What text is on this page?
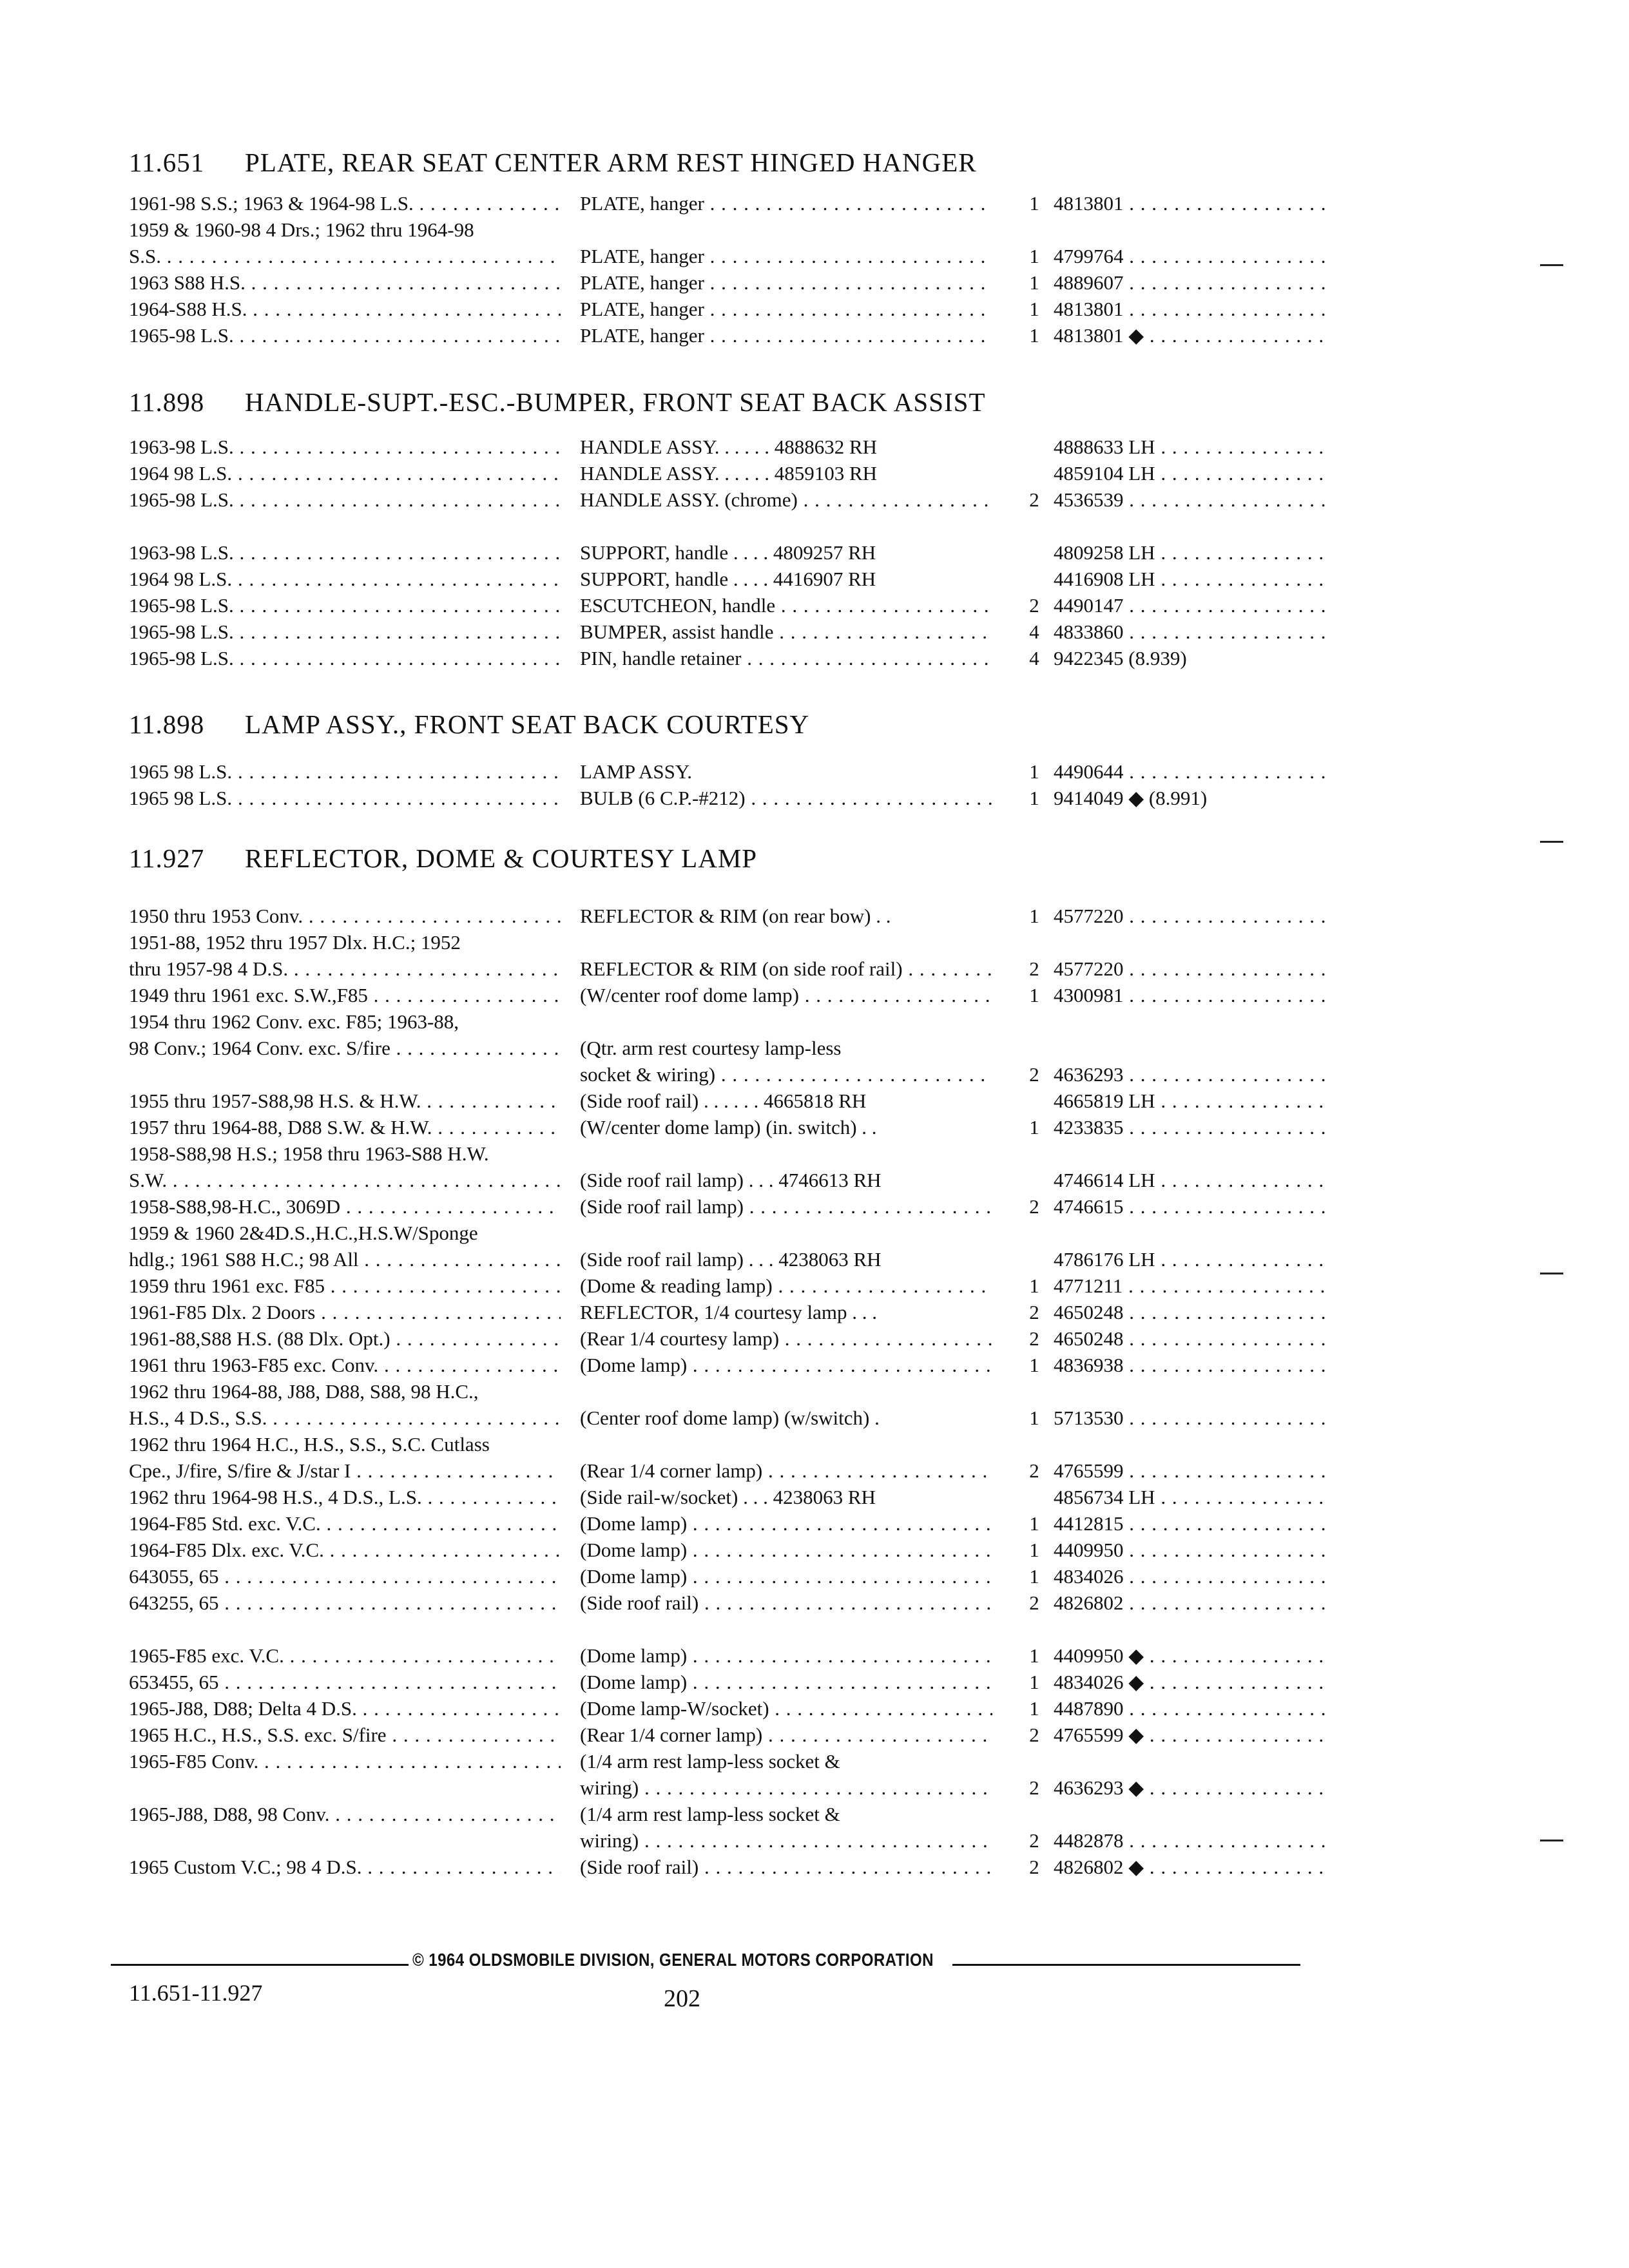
11.651 PLATE, REAR SEAT CENTER ARM REST HINGED HANGER
1961-98 S.S.; 1963 & 1964-98 L.S. . . .	PLATE, hanger . . .	1 4813801 . . .
1959 & 1960-98 4 Drs.; 1962 thru 1964-98
S.S. . . .	PLATE, hanger . . .	1 4799764 . . .
1963 S88 H.S. . . .	PLATE, hanger . . .	1 4889607 . . .
1964-S88 H.S. . . .	PLATE, hanger . . .	1 4813801 . . .
1965-98 L.S. . . .	PLATE, hanger . . .	1 4813801 ◆ . . .
11.898 HANDLE-SUPT.-ESC.-BUMPER, FRONT SEAT BACK ASSIST
1963-98 L.S. . . .	HANDLE ASSY. . . . . . 4888632 RH	4888633 LH . . .
1964 98 L.S. . . .	HANDLE ASSY. . . . . . 4859103 RH	4859104 LH . . .
1965-98 L.S. . . .	HANDLE ASSY. (chrome) . . .	2 4536539 . . .
1963-98 L.S. . . .	SUPPORT, handle . . . . 4809257 RH	4809258 LH . . .
1964 98 L.S. . . .	SUPPORT, handle . . . . 4416907 RH	4416908 LH . . .
1965-98 L.S. . . .	ESCUTCHEON, handle . . .	2 4490147 . . .
1965-98 L.S. . . .	BUMPER, assist handle . . .	4 4833860 . . .
1965-98 L.S. . . .	PIN, handle retainer . . .	4 9422345 (8.939)
11.898 LAMP ASSY., FRONT SEAT BACK COURTESY
1965 98 L.S. . . .	LAMP ASSY.	1 4490644 . . .
1965 98 L.S. . . .	BULB (6 C.P.-#212) . . .	1 9414049 ◆ (8.991)
11.927 REFLECTOR, DOME & COURTESY LAMP
1950 thru 1953 Conv. . . .	REFLECTOR & RIM (on rear bow) . .	1 4577220 . . .
1951-88, 1952 thru 1957 Dlx. H.C.; 1952
thru 1957-98 4 D.S. . . .	REFLECTOR & RIM (on side roof rail) . . .	2 4577220 . . .
1949 thru 1961 exc. S.W.,F85 . . .	(W/center roof dome lamp) . . .	1 4300981 . . .
1954 thru 1962 Conv. exc. F85; 1963-88,
98 Conv.; 1964 Conv. exc. S/fire . . .	(Qtr. arm rest courtesy lamp-less
socket & wiring) . . .	2 4636293 . . .
1955 thru 1957-S88,98 H.S. & H.W. . . .	(Side roof rail) . . . . . . 4665818 RH	4665819 LH . . .
1957 thru 1964-88, D88 S.W. & H.W. . . .	(W/center dome lamp) (in. switch) . .	1 4233835 . . .
1958-S88,98 H.S.; 1958 thru 1963-S88 H.W.
S.W. . . .	(Side roof rail lamp) . . . 4746613 RH	4746614 LH . . .
1958-S88,98-H.C., 3069D . . .	(Side roof rail lamp) . . .	2 4746615 . . .
1959 & 1960 2&4D.S.,H.C.,H.S.W/Sponge
hdlg.; 1961 S88 H.C.; 98 All . . .	(Side roof rail lamp) . . . 4238063 RH	4786176 LH . . .
1959 thru 1961 exc. F85 . . .	(Dome & reading lamp) . . .	1 4771211 . . .
1961-F85 Dlx. 2 Doors . . .	REFLECTOR, 1/4 courtesy lamp . . .	2 4650248 . . .
1961-88,S88 H.S. (88 Dlx. Opt.) . . .	(Rear 1/4 courtesy lamp) . . .	2 4650248 . . .
1961 thru 1963-F85 exc. Conv. . . .	(Dome lamp) . . .	1 4836938 . . .
1962 thru 1964-88, J88, D88, S88, 98 H.C.,
H.S., 4 D.S., S.S. . . .	(Center roof dome lamp) (w/switch) .	1 5713530 . . .
1962 thru 1964 H.C., H.S., S.S., S.C. Cutlass
Cpe., J/fire, S/fire & J/star I . . .	(Rear 1/4 corner lamp) . . .	2 4765599 . . .
1962 thru 1964-98 H.S., 4 D.S., L.S. . . .	(Side rail-w/socket) . . . 4238063 RH	4856734 LH . . .
1964-F85 Std. exc. V.C. . . .	(Dome lamp) . . .	1 4412815 . . .
1964-F85 Dlx. exc. V.C. . . .	(Dome lamp) . . .	1 4409950 . . .
643055, 65 . . .	(Dome lamp) . . .	1 4834026 . . .
643255, 65 . . .	(Side roof rail) . . .	2 4826802 . . .
1965-F85 exc. V.C. . . .	(Dome lamp) . . .	1 4409950 ◆ . . .
653455, 65 . . .	(Dome lamp) . . .	1 4834026 ◆ . . .
1965-J88, D88; Delta 4 D.S. . . .	(Dome lamp-W/socket) . . .	1 4487890 . . .
1965 H.C., H.S., S.S. exc. S/fire . . .	(Rear 1/4 corner lamp) . . .	2 4765599 ◆ . . .
1965-F85 Conv. . . .	(1/4 arm rest lamp-less socket &
wiring) . . .	2 4636293 ◆ . . .
1965-J88, D88, 98 Conv. . . .	(1/4 arm rest lamp-less socket &
wiring) . . .	2 4482878 . . .
1965 Custom V.C.; 98 4 D.S. . . .	(Side roof rail) . . .	2 4826802 ◆ . . .
© 1964 OLDSMOBILE DIVISION, GENERAL MOTORS CORPORATION
11.651-11.927	202
